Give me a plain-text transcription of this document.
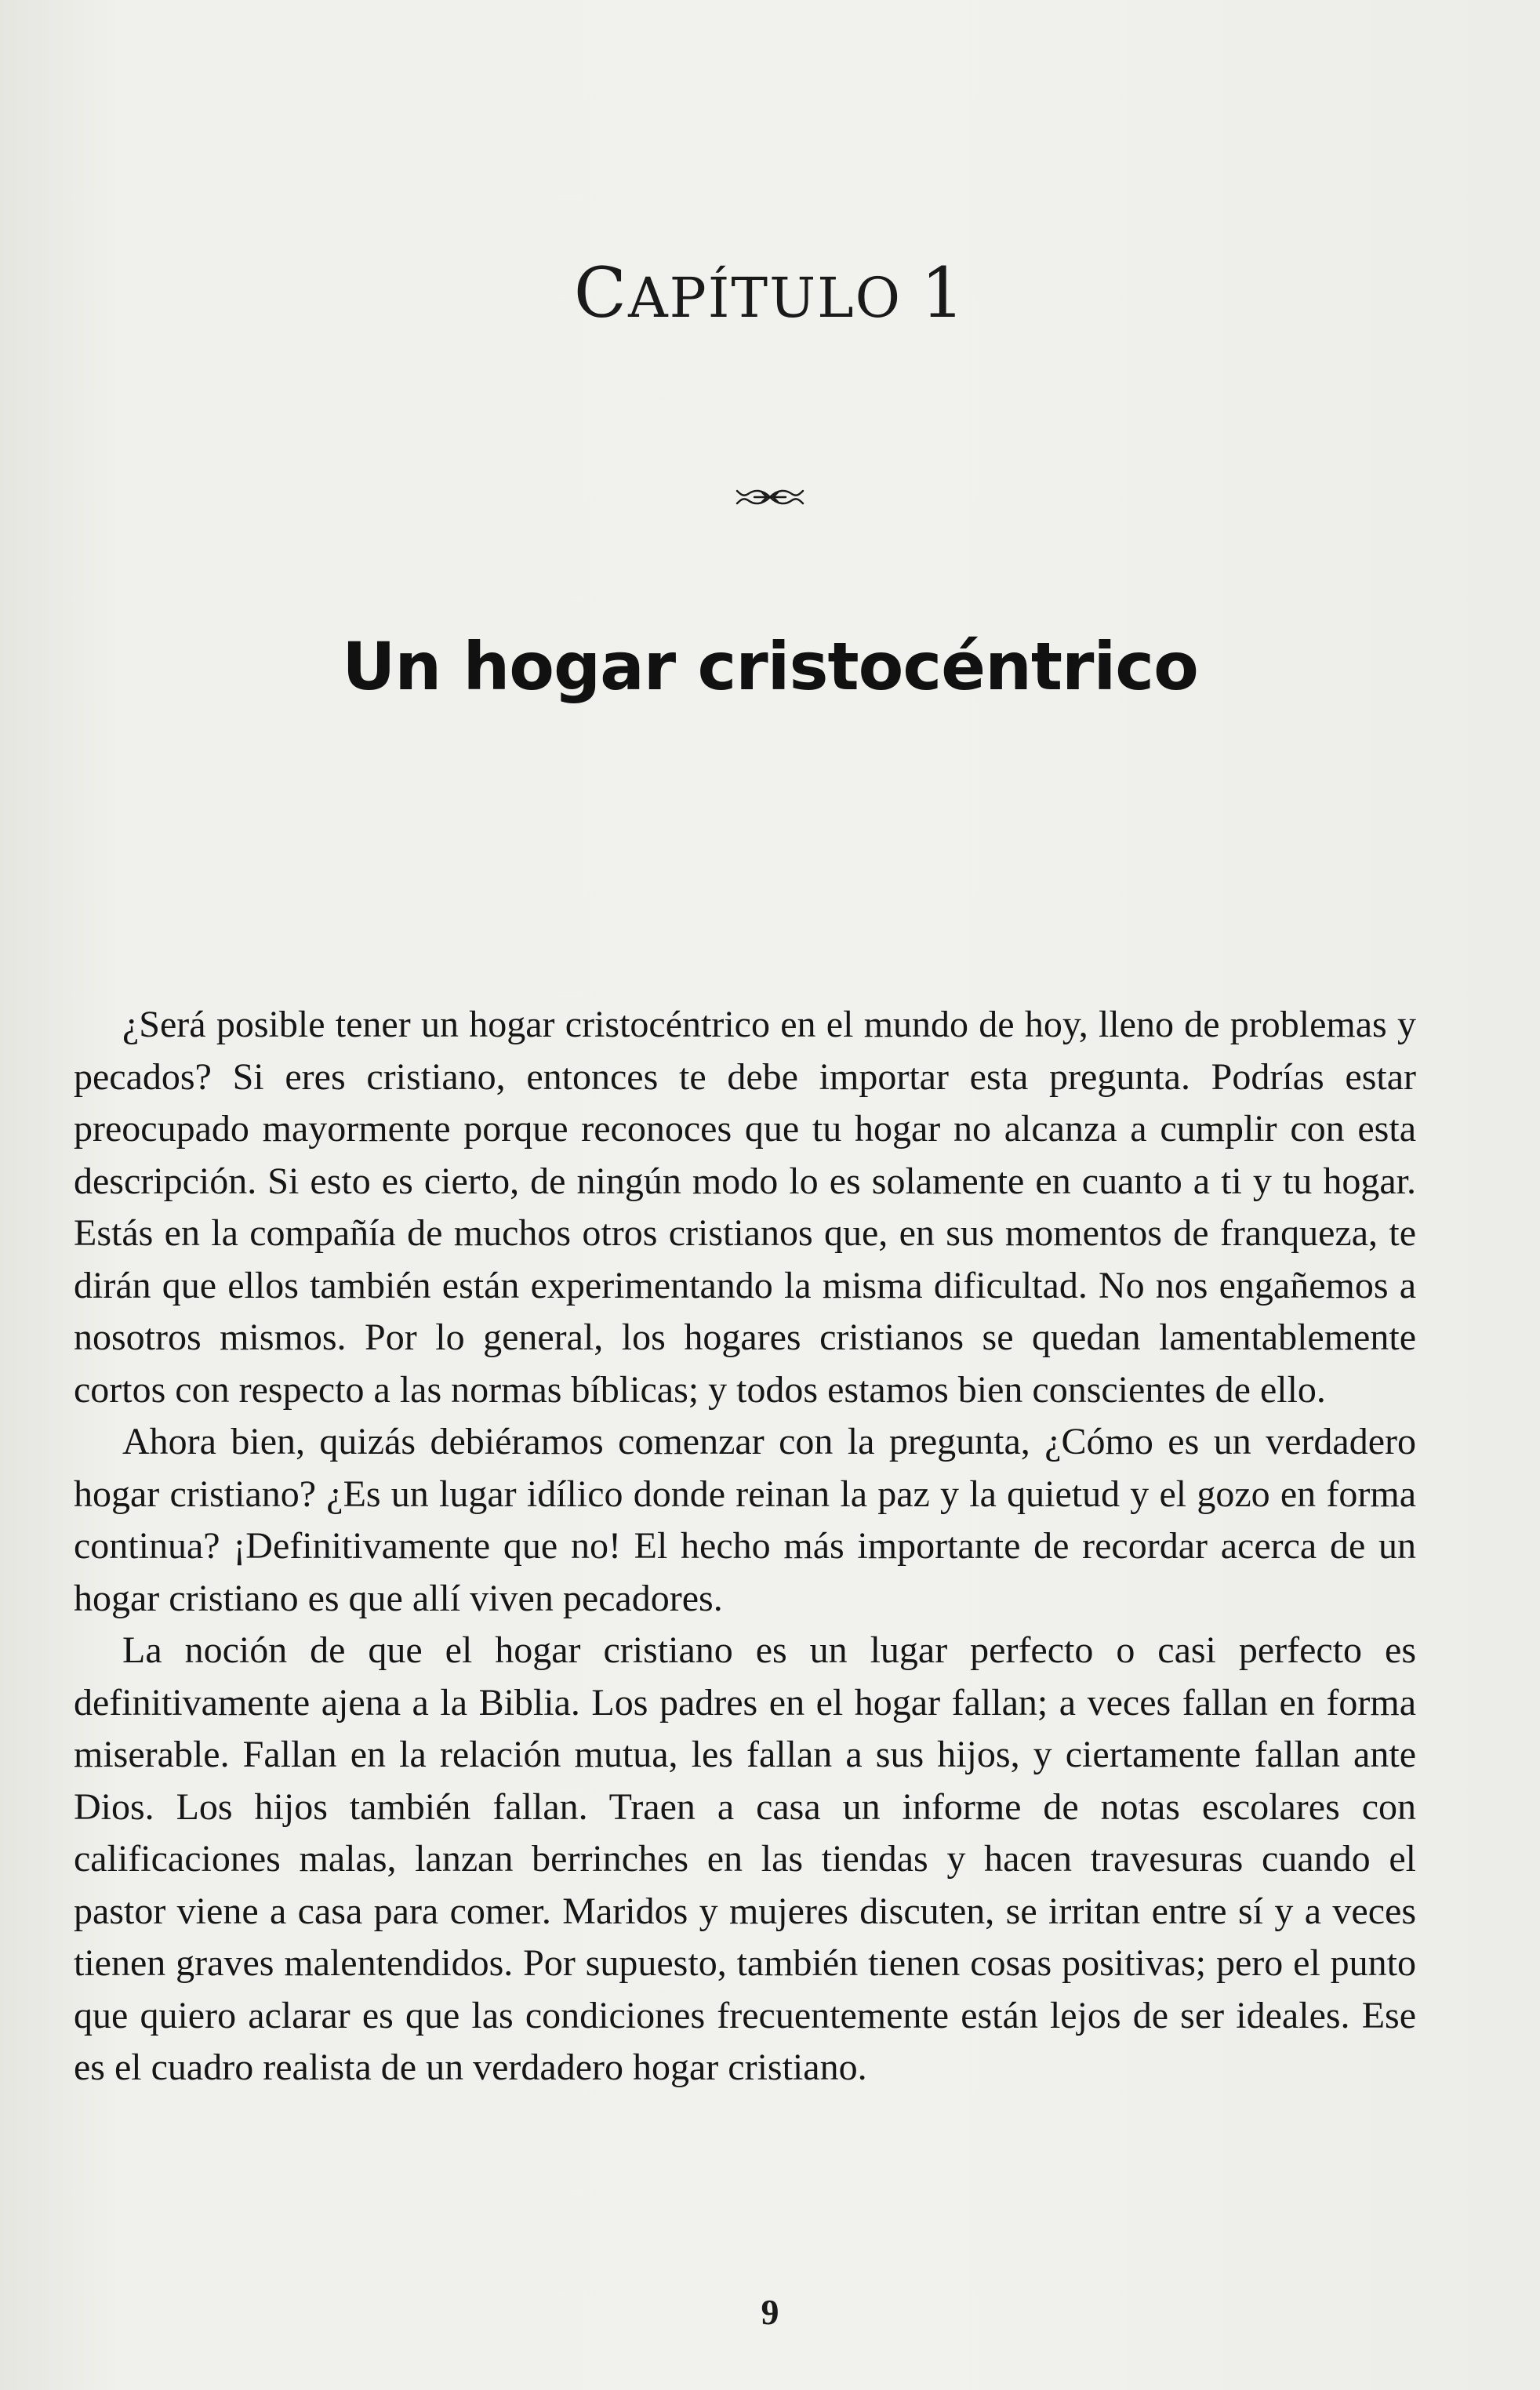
CAPÍTULO 1
Un hogar cristocéntrico

¿Será posible tener un hogar cristocéntrico en el mundo de hoy, lleno de problemas y pecados? Si eres cristiano, entonces te debe importar esta pregunta. Podrías estar preocupado mayormente porque reconoces que tu hogar no alcanza a cumplir con esta descripción. Si esto es cierto, de ningún modo lo es solamente en cuanto a ti y tu hogar. Estás en la compañía de muchos otros cristianos que, en sus momentos de franqueza, te dirán que ellos también están experimentando la misma dificultad. No nos engañemos a nosotros mismos. Por lo general, los hogares cristianos se quedan lamentablemente cortos con respecto a las normas bíblicas; y todos estamos bien conscientes de ello.

Ahora bien, quizás debiéramos comenzar con la pregunta, ¿Cómo es un verdadero hogar cristiano? ¿Es un lugar idílico donde reinan la paz y la quietud y el gozo en forma continua? ¡Definitivamente que no! El hecho más importante de recordar acerca de un hogar cristiano es que allí viven pecadores.

La noción de que el hogar cristiano es un lugar perfecto o casi perfecto es definitivamente ajena a la Biblia. Los padres en el hogar fallan; a veces fallan en forma miserable. Fallan en la relación mutua, les fallan a sus hijos, y ciertamente fallan ante Dios. Los hijos también fallan. Traen a casa un informe de notas escolares con calificaciones malas, lanzan berrinches en las tiendas y hacen travesuras cuando el pastor viene a casa para comer. Maridos y mujeres discuten, se irritan entre sí y a veces tienen graves malentendidos. Por supuesto, también tienen cosas positivas; pero el punto que quiero aclarar es que las condiciones frecuentemente están lejos de ser ideales. Ese es el cuadro realista de un verdadero hogar cristiano.

9
